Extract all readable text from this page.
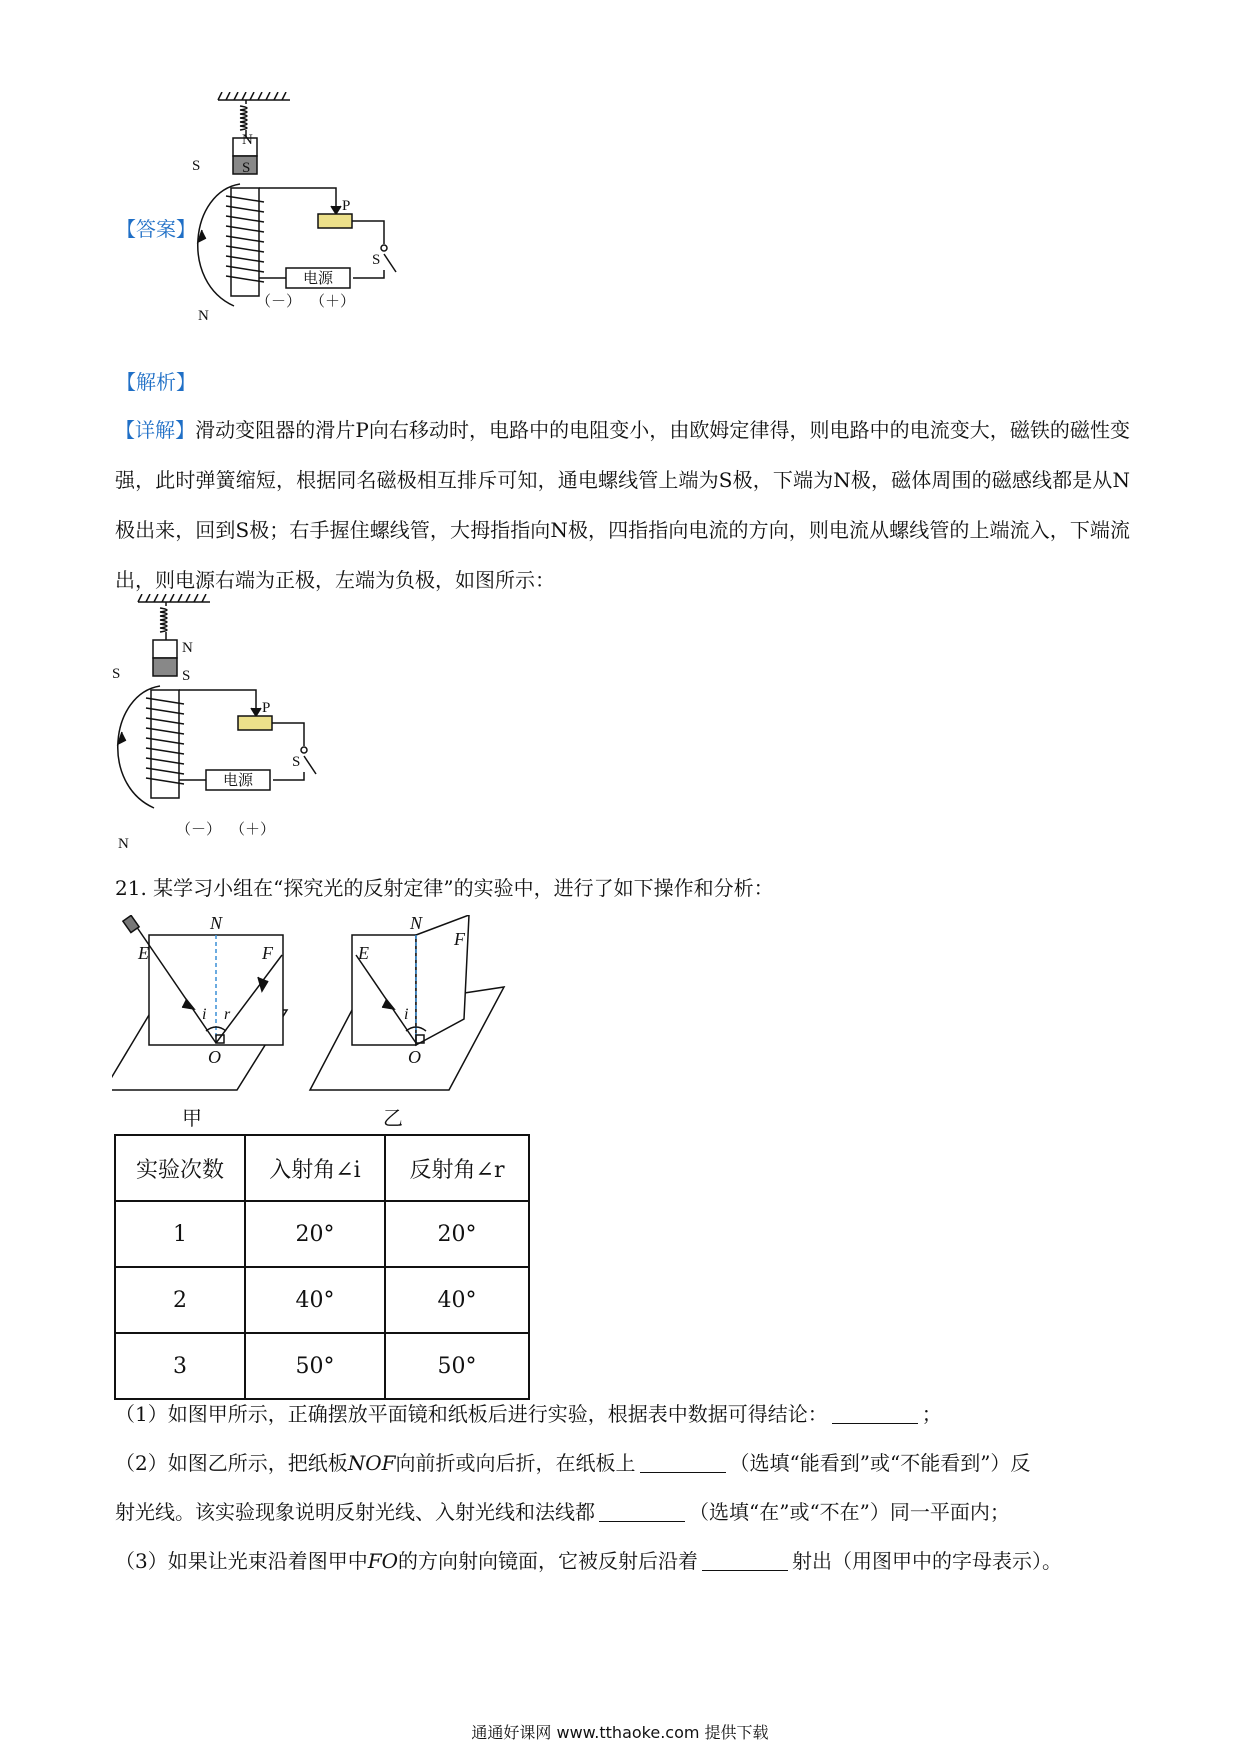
【答案】
N
S
S
N
P
S
电源
（－） （＋）
【解析】

【详解】滑动变阻器的滑片P向右移动时，电路中的电阻变小，由欧姆定律得，则电路中的电流变大，磁铁的磁性变强，此时弹簧缩短，根据同名磁极相互排斥可知，通电螺线管上端为S极，下端为N极，磁体周围的磁感线都是从N极出来，回到S极；右手握住螺线管，大拇指指向N极，四指指向电流的方向，则电流从螺线管的上端流入，下端流出，则电源右端为正极，左端为负极，如图所示：

N
S
S
N
P
S
电源
（－） （＋）
21. 某学习小组在“探究光的反射定律”的实验中，进行了如下操作和分析：
N
E	F
i r
O
N
E
F
i
O
甲	乙
实验次数	入射角∠i	反射角∠r
1	20°	20°
2	40°	40°
3	50°	50°
（1）如图甲所示，正确摆放平面镜和纸板后进行实验，根据表中数据可得结论：	；
（2）如图乙所示，把纸板NOF向前折或向后折，在纸板上	（选填“能看到”或“不能看到”）反
射光线。该实验现象说明反射光线、入射光线和法线都	（选填“在”或“不在”）同一平面内；
（3）如果让光束沿着图甲中FO的方向射向镜面，它被反射后沿着	射出（用图甲中的字母表示）。
通通好课网 www.tthaoke.com 提供下载
